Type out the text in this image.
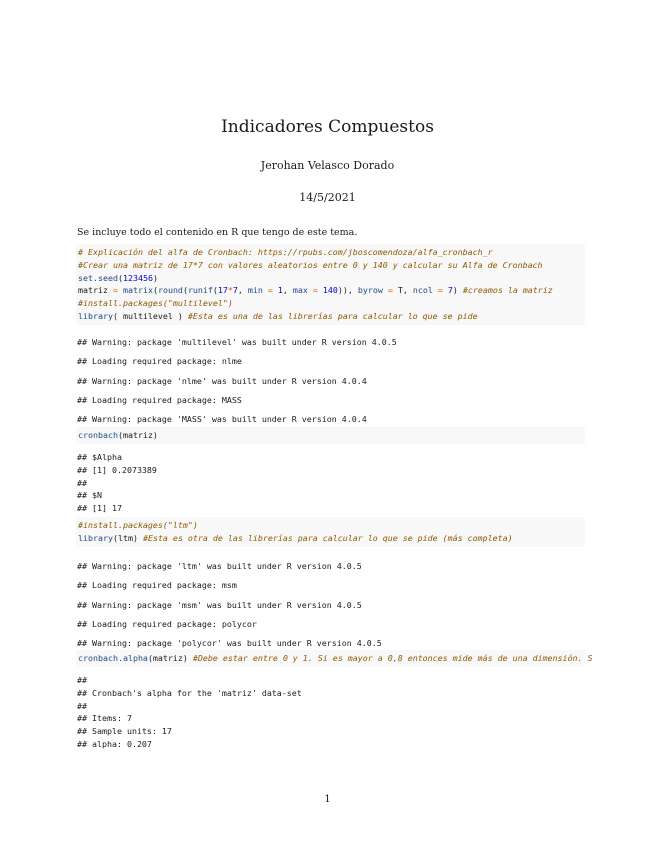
Indicadores Compuestos
Jerohan Velasco Dorado
14/5/2021
Se incluye todo el contenido en R que tengo de este tema.
# Explicación del alfa de Cronbach: https://rpubs.com/jboscomendoza/alfa_cronbach_r
#Crear una matriz de 17*7 con valores aleatorios entre 0 y 140 y calcular su Alfa de Cronbach
set.seed(123456)
matriz = matrix(round(runif(17*7, min = 1, max = 140)), byrow = T, ncol = 7) #creamos la matriz
#install.packages("multilevel")
library( multilevel ) #Esta es una de las librerías para calcular lo que se pide
## Warning: package 'multilevel' was built under R version 4.0.5
## Loading required package: nlme
## Warning: package 'nlme' was built under R version 4.0.4
## Loading required package: MASS
## Warning: package 'MASS' was built under R version 4.0.4
cronbach(matriz)
## $Alpha
## [1] 0.2073389
##
## $N
## [1] 17
#install.packages("ltm")
library(ltm) #Esta es otra de las librerías para calcular lo que se pide (más completa)
## Warning: package 'ltm' was built under R version 4.0.5
## Loading required package: msm
## Warning: package 'msm' was built under R version 4.0.5
## Loading required package: polycor
## Warning: package 'polycor' was built under R version 4.0.5
cronbach.alpha(matriz) #Debe estar entre 0 y 1. Si es mayor a 0,8 entonces mide más de una dimensión. S
##
## Cronbach's alpha for the 'matriz' data-set
##
## Items: 7
## Sample units: 17
## alpha: 0.207
1
